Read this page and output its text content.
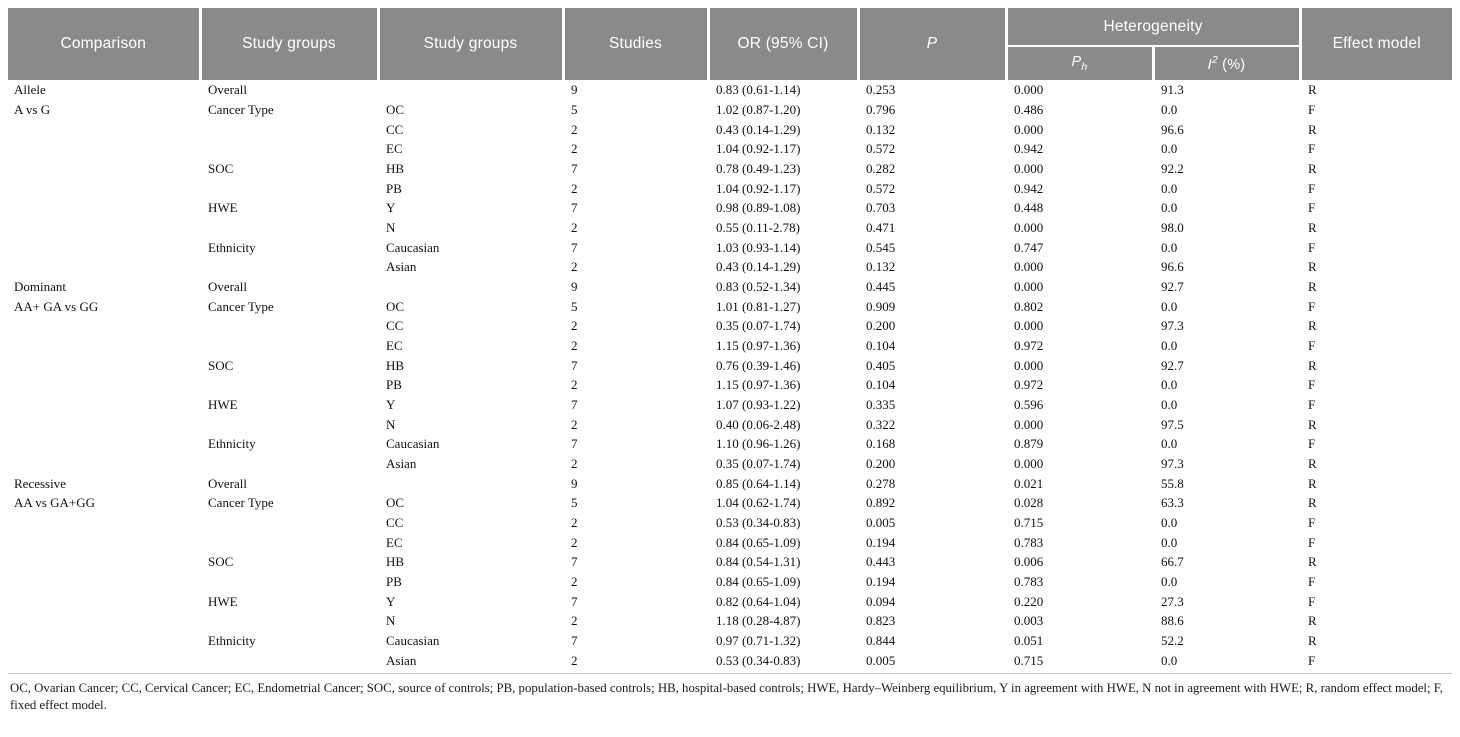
Comparison	Study groups	Study groups	Studies	OR (95% CI)	P	Heterogeneity		Effect model
						$P_h$	$I^2$ (%)	
Allele	Overall		9	0.83 (0.61-1.14)	0.253	0.000	91.3	R
A vs G	Cancer Type	OC	5	1.02 (0.87-1.20)	0.796	0.486	0.0	F
		CC	2	0.43 (0.14-1.29)	0.132	0.000	96.6	R
		EC	2	1.04 (0.92-1.17)	0.572	0.942	0.0	F
	SOC	HB	7	0.78 (0.49-1.23)	0.282	0.000	92.2	R
		PB	2	1.04 (0.92-1.17)	0.572	0.942	0.0	F
	HWE	Y	7	0.98 (0.89-1.08)	0.703	0.448	0.0	F
		N	2	0.55 (0.11-2.78)	0.471	0.000	98.0	R
	Ethnicity	Caucasian	7	1.03 (0.93-1.14)	0.545	0.747	0.0	F
		Asian	2	0.43 (0.14-1.29)	0.132	0.000	96.6	R
Dominant	Overall		9	0.83 (0.52-1.34)	0.445	0.000	92.7	R
AA+ GA vs GG	Cancer Type	OC	5	1.01 (0.81-1.27)	0.909	0.802	0.0	F
		CC	2	0.35 (0.07-1.74)	0.200	0.000	97.3	R
		EC	2	1.15 (0.97-1.36)	0.104	0.972	0.0	F
	SOC	HB	7	0.76 (0.39-1.46)	0.405	0.000	92.7	R
		PB	2	1.15 (0.97-1.36)	0.104	0.972	0.0	F
	HWE	Y	7	1.07 (0.93-1.22)	0.335	0.596	0.0	F
		N	2	0.40 (0.06-2.48)	0.322	0.000	97.5	R
	Ethnicity	Caucasian	7	1.10 (0.96-1.26)	0.168	0.879	0.0	F
		Asian	2	0.35 (0.07-1.74)	0.200	0.000	97.3	R
Recessive	Overall		9	0.85 (0.64-1.14)	0.278	0.021	55.8	R
AA vs GA+GG	Cancer Type	OC	5	1.04 (0.62-1.74)	0.892	0.028	63.3	R
		CC	2	0.53 (0.34-0.83)	0.005	0.715	0.0	F
		EC	2	0.84 (0.65-1.09)	0.194	0.783	0.0	F
	SOC	HB	7	0.84 (0.54-1.31)	0.443	0.006	66.7	R
		PB	2	0.84 (0.65-1.09)	0.194	0.783	0.0	F
	HWE	Y	7	0.82 (0.64-1.04)	0.094	0.220	27.3	F
		N	2	1.18 (0.28-4.87)	0.823	0.003	88.6	R
	Ethnicity	Caucasian	7	0.97 (0.71-1.32)	0.844	0.051	52.2	R
		Asian	2	0.53 (0.34-0.83)	0.005	0.715	0.0	F
OC, Ovarian Cancer; CC, Cervical Cancer; EC, Endometrial Cancer; SOC, source of controls; PB, population-based controls; HB, hospital-based controls; HWE, Hardy–Weinberg equilibrium, Y in agreement with HWE, N not in agreement with HWE; R, random effect model; F, fixed effect model.
